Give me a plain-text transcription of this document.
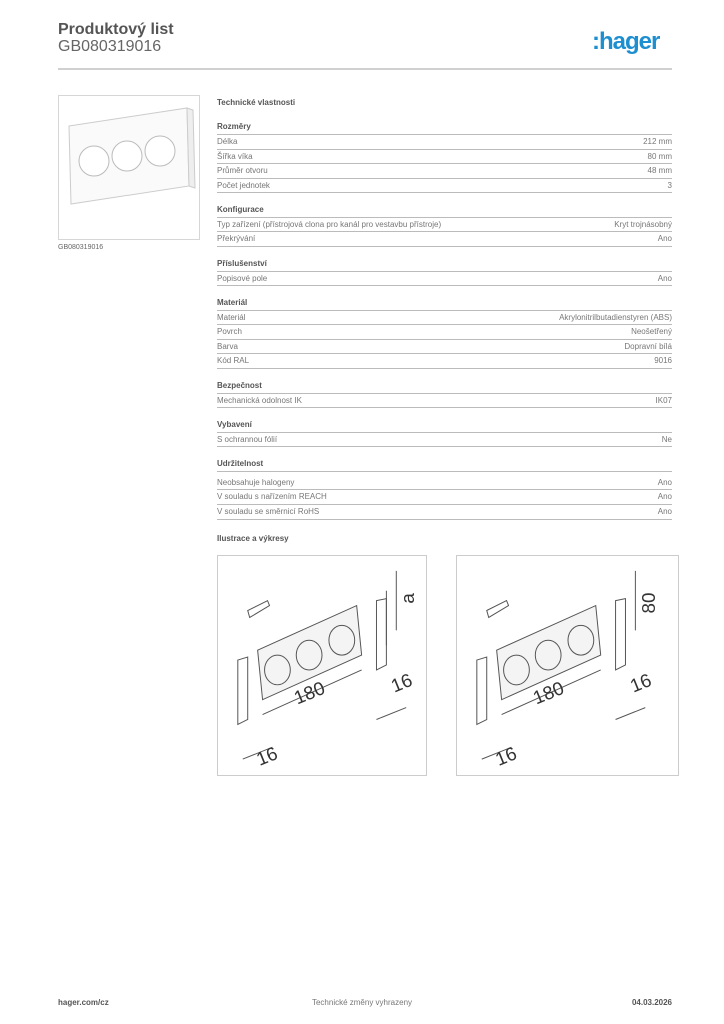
Produktový list
GB080319016	:hager
GB080319016
Technické vlastnosti
Rozměry
Délka	212 mm
Šířka víka	80 mm
Průměr otvoru	48 mm
Počet jednotek	3
Konfigurace
Typ zařízení (přístrojová clona pro kanál pro vestavbu přístroje)	Kryt trojnásobný
Překrývání	Ano
Příslušenství
Popisové pole	Ano
Materiál
Materiál	Akrylonitrilbutadienstyren (ABS)
Povrch	Neošetřený
Barva	Dopravní bílá
Kód RAL	9016
Bezpečnost
Mechanická odolnost IK	IK07
Vybavení
S ochrannou fólií	Ne
Udržitelnost
Neobsahuje halogeny	Ano
V souladu s nařízením REACH	Ano
V souladu se směrnicí RoHS	Ano
Ilustrace a výkresy
180
a
16
16
180
80
16
16
Technické změny vyhrazeny
hager.com/cz	04.03.2026
